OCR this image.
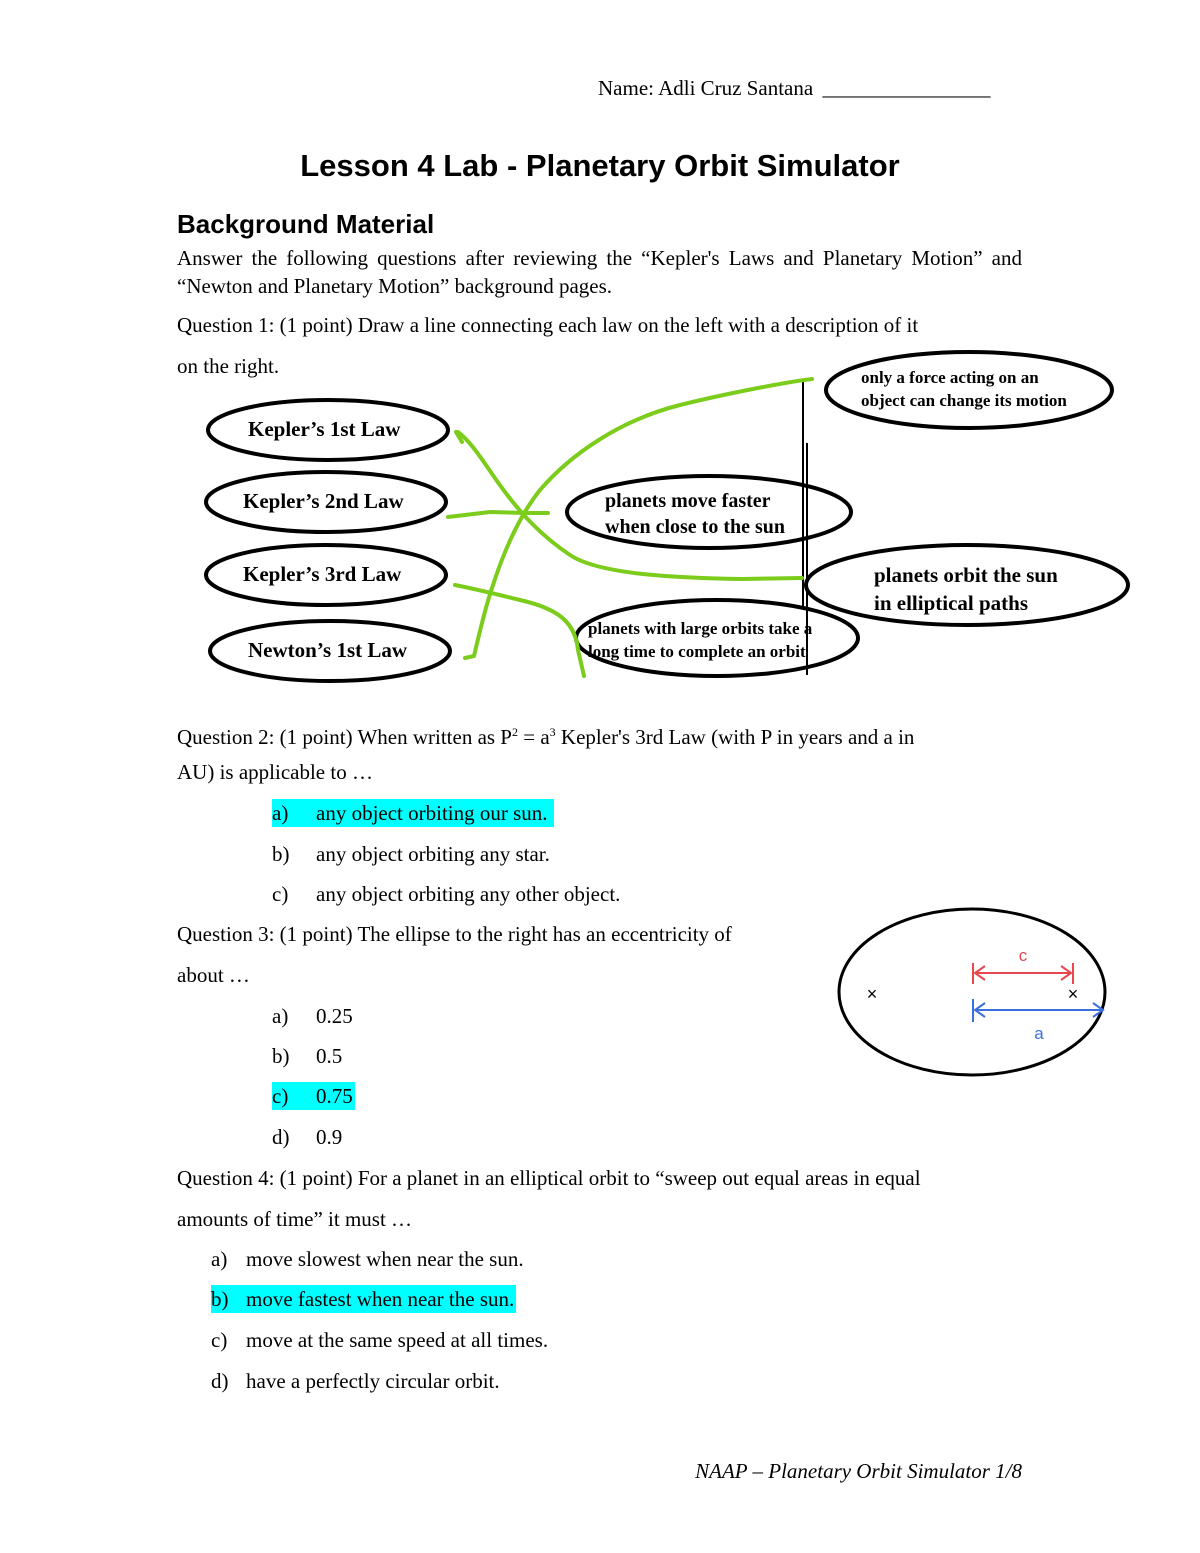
Name: Adli Cruz Santana ________________
Lesson 4 Lab - Planetary Orbit Simulator
Background Material
Answer the following questions after reviewing the “Kepler's Laws and Planetary Motion” and “Newton and Planetary Motion” background pages.
Question 1: (1 point) Draw a line connecting each law on the left with a description of it
on the right.
Kepler’s 1st Law
Kepler’s 2nd Law
Kepler’s 3rd Law
Newton’s 1st Law
only a force acting on an
object can change its motion
planets move faster
when close to the sun
planets orbit the sun
in elliptical paths
planets with large orbits take a
long time to complete an orbit
Question 2: (1 point) When written as $P^2 = a^3$ Kepler's 3rd Law (with P in years and a in
AU) is applicable to …
a) any object orbiting our sun.
b) any object orbiting any star.
c) any object orbiting any other object.
Question 3: (1 point) The ellipse to the right has an eccentricity of
about …
a) 0.25
b) 0.5
c) 0.75
d) 0.9
×	×
c
a
Question 4: (1 point) For a planet in an elliptical orbit to “sweep out equal areas in equal
amounts of time” it must …
a) move slowest when near the sun.
b) move fastest when near the sun.
c) move at the same speed at all times.
d) have a perfectly circular orbit.
NAAP – Planetary Orbit Simulator 1/8
